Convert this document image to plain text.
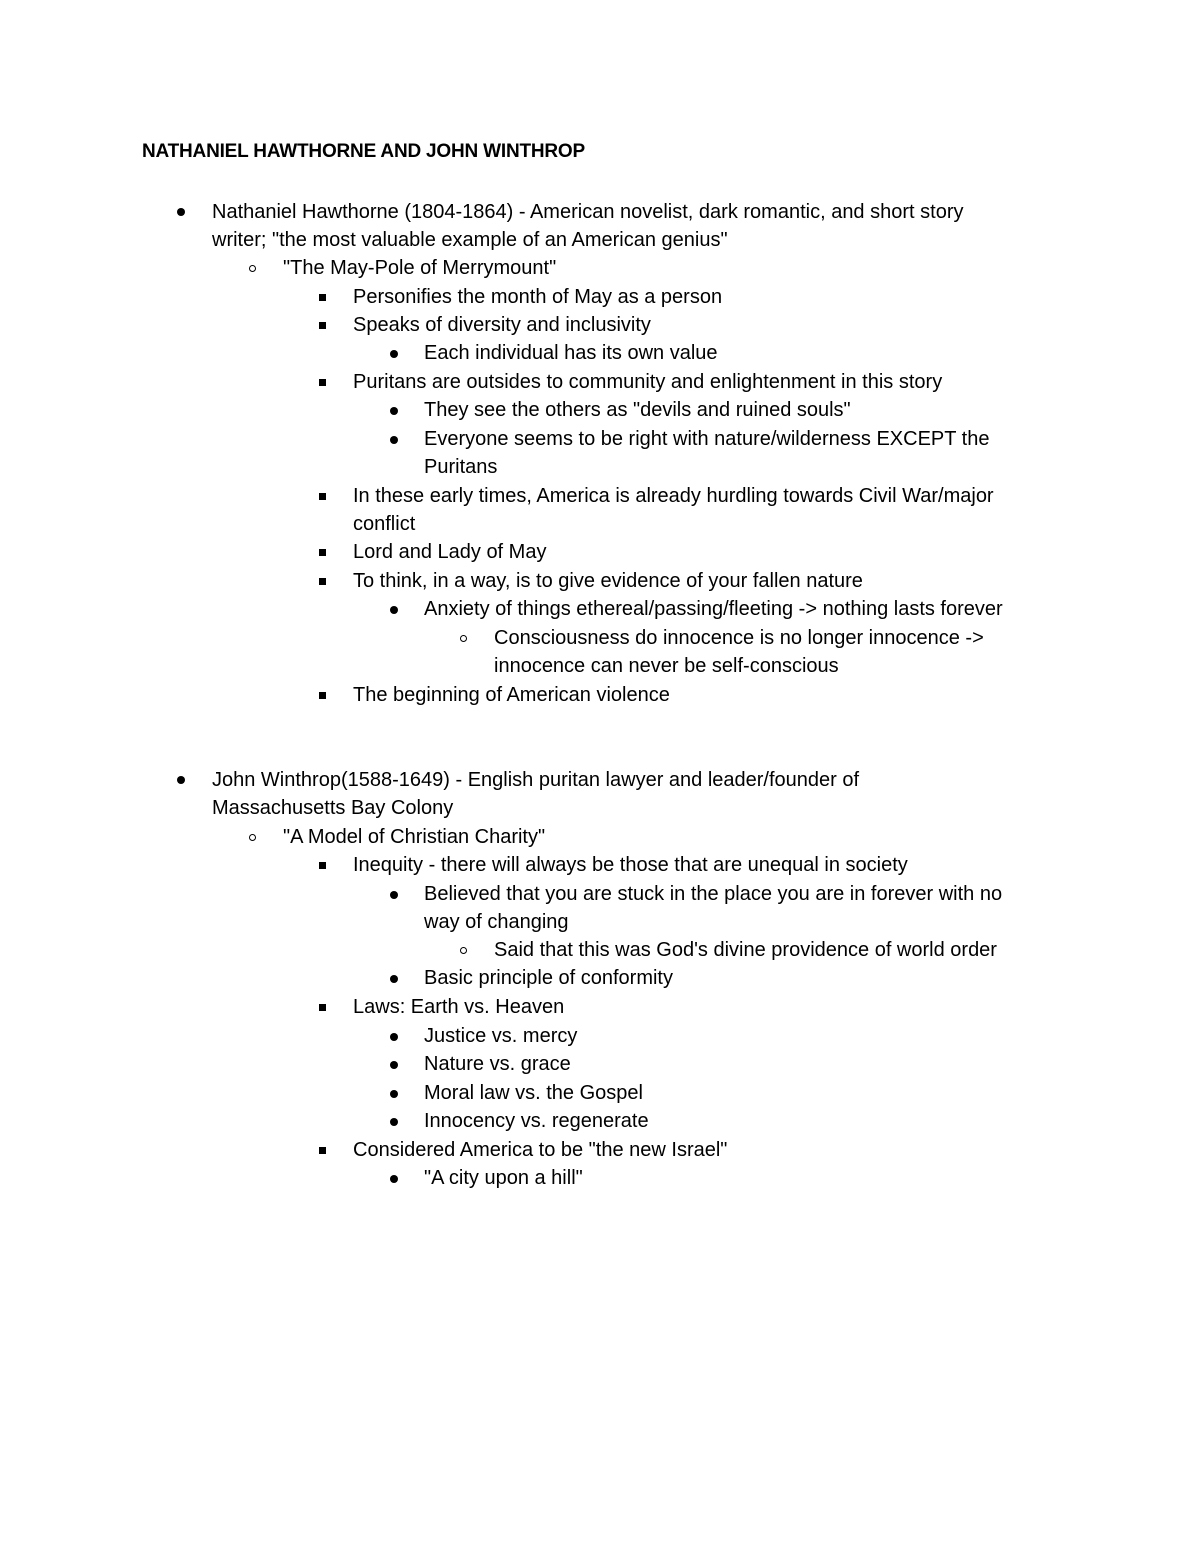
NATHANIEL HAWTHORNE AND JOHN WINTHROP
Nathaniel Hawthorne (1804-1864) - American novelist, dark romantic, and short story
writer; "the most valuable example of an American genius"
"The May-Pole of Merrymount"
Personifies the month of May as a person
Speaks of diversity and inclusivity
Each individual has its own value
Puritans are outsides to community and enlightenment in this story
They see the others as "devils and ruined souls"
Everyone seems to be right with nature/wilderness EXCEPT the
Puritans
In these early times, America is already hurdling towards Civil War/major
conflict
Lord and Lady of May
To think, in a way, is to give evidence of your fallen nature
Anxiety of things ethereal/passing/fleeting -> nothing lasts forever
Consciousness do innocence is no longer innocence ->
innocence can never be self-conscious
The beginning of American violence
John Winthrop(1588-1649) - English puritan lawyer and leader/founder of
Massachusetts Bay Colony
"A Model of Christian Charity"
Inequity - there will always be those that are unequal in society
Believed that you are stuck in the place you are in forever with no
way of changing
Said that this was God's divine providence of world order
Basic principle of conformity
Laws: Earth vs. Heaven
Justice vs. mercy
Nature vs. grace
Moral law vs. the Gospel
Innocency vs. regenerate
Considered America to be "the new Israel"
"A city upon a hill"
